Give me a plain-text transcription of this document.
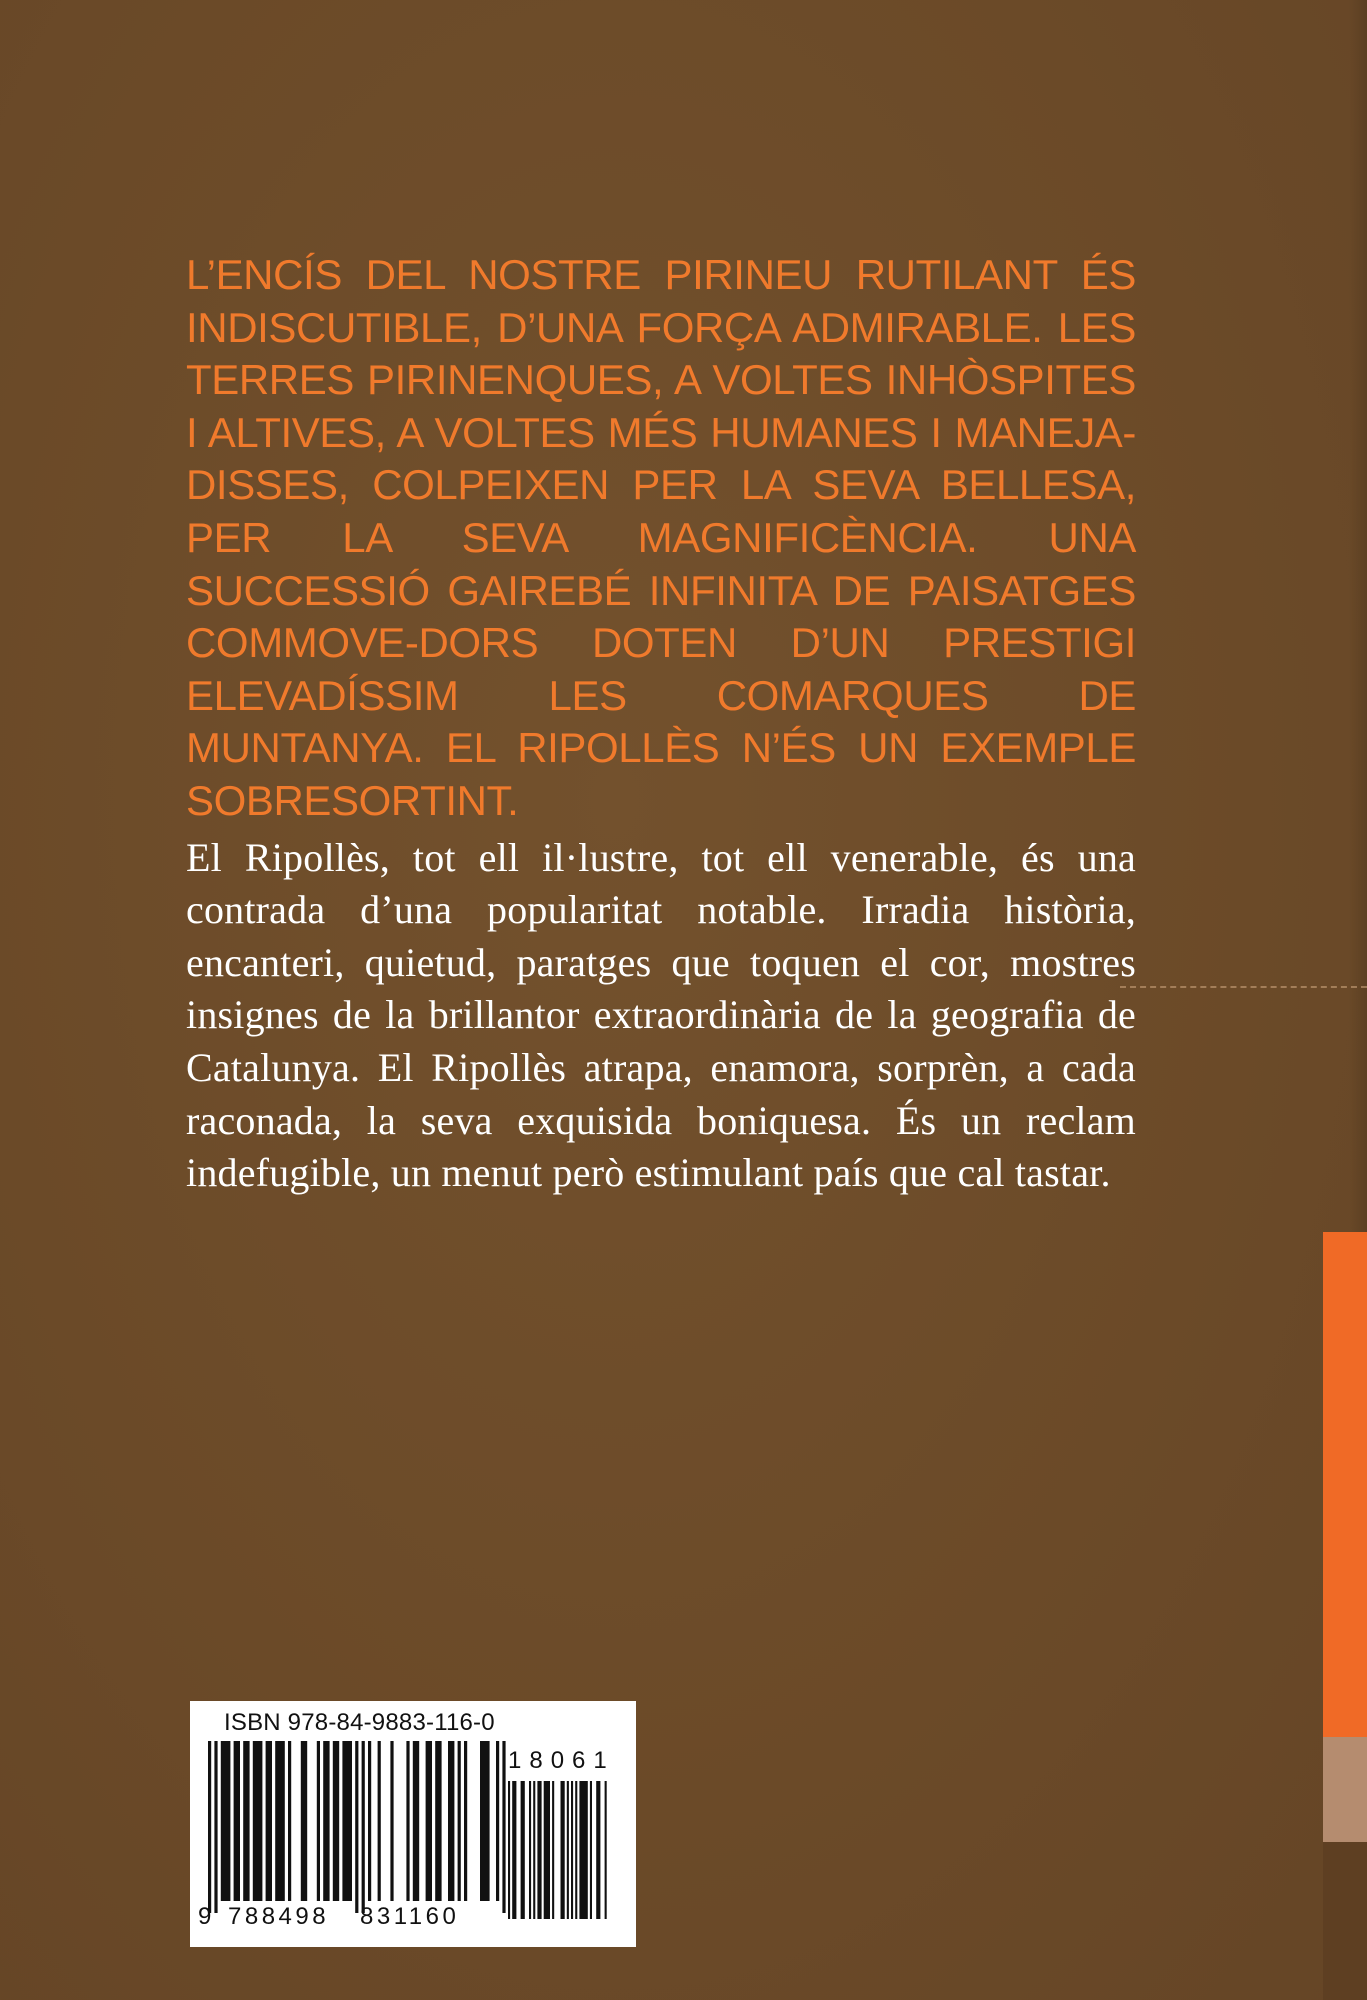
L’ENCÍS DEL NOSTRE PIRINEU RUTILANT ÉS INDISCUTIBLE, D’UNA FORÇA ADMIRABLE. LES TERRES PIRINENQUES, A VOLTES INHÒSPITES I ALTIVES, A VOLTES MÉS HUMANES I MANEJA-DISSES, COLPEIXEN PER LA SEVA BELLESA, PER LA SEVA MAGNIFICÈNCIA. UNA SUCCESSIÓ GAIREBÉ INFINITA DE PAISATGES COMMOVE-DORS DOTEN D’UN PRESTIGI ELEVADÍSSIM LES COMARQUES DE MUNTANYA. EL RIPOLLÈS N’ÉS UN EXEMPLE SOBRESORTINT.

El Ripollès, tot ell il·lustre, tot ell venerable, és una contrada d’una popularitat notable. Irradia història, encanteri, quietud, paratges que toquen el cor, mostres insignes de la brillantor extraordinària de la geografia de Catalunya. El Ripollès atrapa, enamora, sorprèn, a cada raconada, la seva exquisida boniquesa. És un reclam indefugible, un menut però estimulant país que cal tastar.

ISBN 978-84-9883-116-0
9 788498 831160
18061
